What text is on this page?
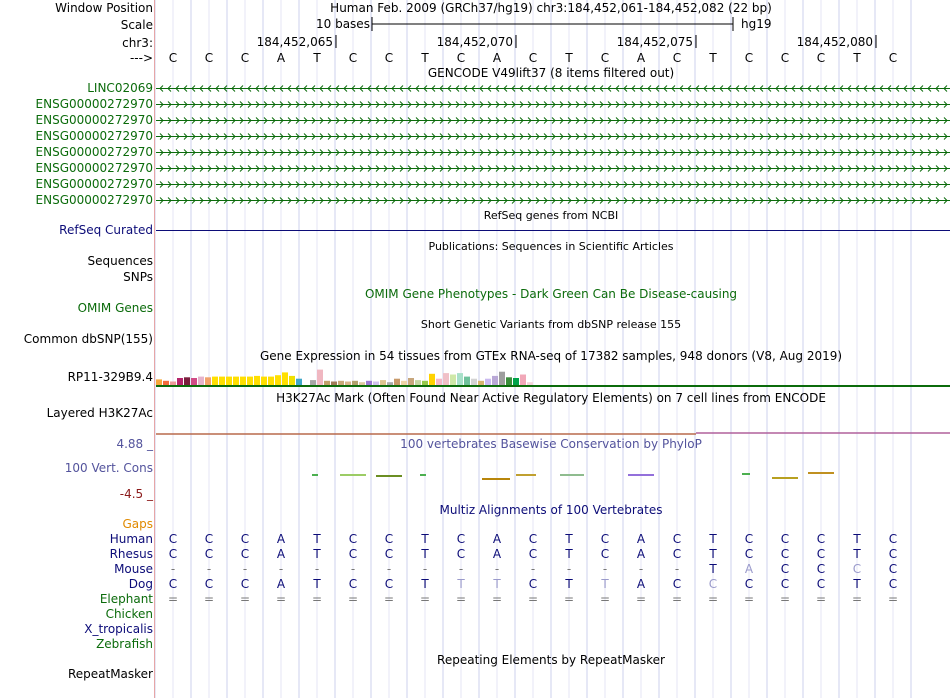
Window Position	Human Feb. 2009 (GRCh37/hg19) chr3:184,452,061-184,452,082 (22 bp)
Scale	10 bases	hg19
chr3:	184,452,065	184,452,070	184,452,075	184,452,080
---> C C C A T C C T C A C T C A C T C C C T C
GENCODE V49lift37 (8 items filtered out)
LINC02069
ENSG00000272970
ENSG00000272970
ENSG00000272970
ENSG00000272970
ENSG00000272970
ENSG00000272970
ENSG00000272970
RefSeq genes from NCBI
RefSeq Curated
Publications: Sequences in Scientific Articles
Sequences
SNPs
OMIM Gene Phenotypes - Dark Green Can Be Disease-causing
OMIM Genes
Short Genetic Variants from dbSNP release 155
Common dbSNP(155)
Gene Expression in 54 tissues from GTEx RNA-seq of 17382 samples, 948 donors (V8, Aug 2019)
RP11-329B9.4
H3K27Ac Mark (Often Found Near Active Regulatory Elements) on 7 cell lines from ENCODE
Layered H3K27Ac
4.88 _	100 vertebrates Basewise Conservation by PhyloP
100 Vert. Cons
-4.5 _
Multiz Alignments of 100 Vertebrates
Gaps
Human C C C A T C C T C A C T C A C T C C C T C
Rhesus C C C A T C C T C A C T C A C T C C C T C
Mouse	-	-	-	-	-	-	-	-	-	-	-	-	-	-	-	T A C C C C
Dog C C C A T C C T T T C T T A C C C C C T C
Elephant = = = = = = = = = = = = = = = = = = = = =
Chicken
X_tropicalis
Zebrafish
Repeating Elements by RepeatMasker
RepeatMasker
